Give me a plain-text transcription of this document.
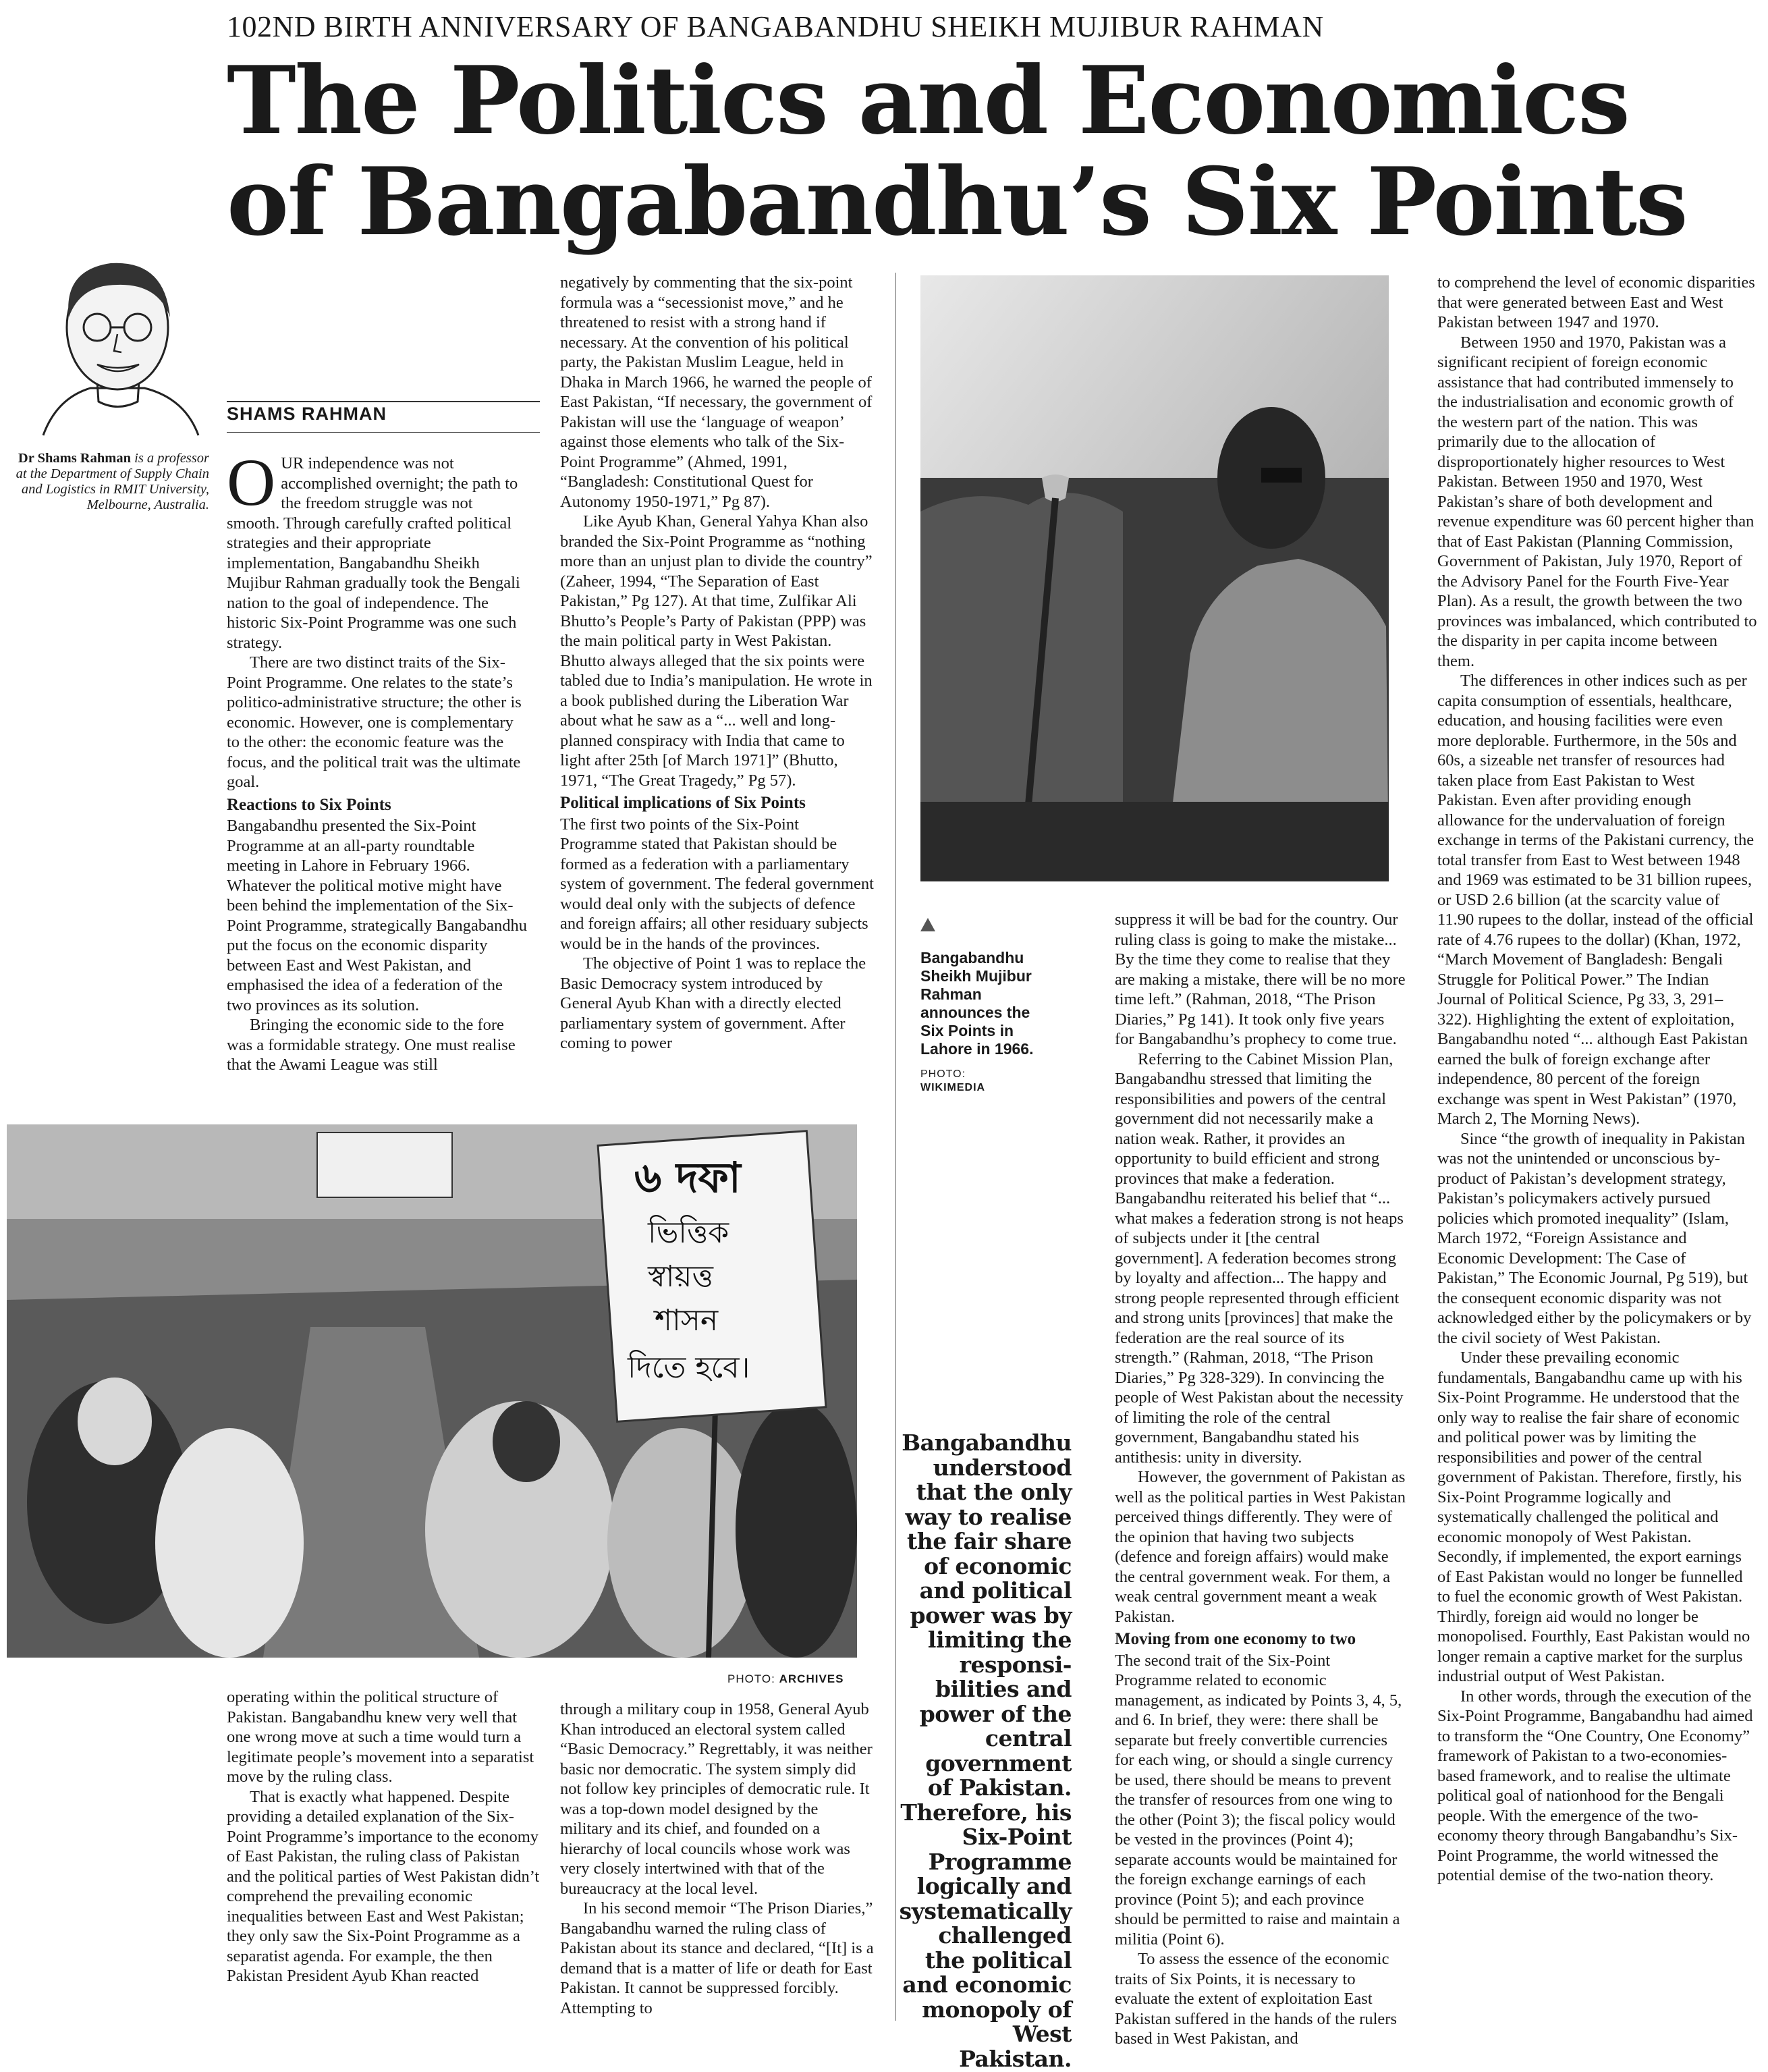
102ND BIRTH ANNIVERSARY OF BANGABANDHU SHEIKH MUJIBUR RAHMAN
The Politics and Economics of Bangabandhu’s Six Points
SHAMS RAHMAN
Dr Shams Rahman is a professor at the Department of Supply Chain and Logistics in RMIT University, Melbourne, Australia. O UR independence was not accomplished overnight; the path to the freedom struggle was not smooth. Through carefully crafted political strategies and their appropriate implementation, Bangabandhu Sheikh Mujibur Rahman gradually took the Bengali nation to the goal of independence. The historic Six-Point Programme was one such strategy.

There are two distinct traits of the Six-Point Programme. One relates to the state’s politico-administrative structure; the other is economic. However, one is complementary to the other: the economic feature was the focus, and the political trait was the ultimate goal.

Reactions to Six Points

Bangabandhu presented the Six-Point Programme at an all-party roundtable meeting in Lahore in February 1966. Whatever the political motive might have been behind the implementation of the Six-Point Programme, strategically Bangabandhu put the focus on the economic disparity between East and West Pakistan, and emphasised the idea of a federation of the two provinces as its solution.

Bringing the economic side to the fore was a formidable strategy. One must realise that the Awami League was still

negatively by commenting that the six-point formula was a “secessionist move,” and he threatened to resist with a strong hand if necessary. At the convention of his political party, the Pakistan Muslim League, held in Dhaka in March 1966, he warned the people of East Pakistan, “If necessary, the government of Pakistan will use the ‘language of weapon’ against those elements who talk of the Six-Point Programme” (Ahmed, 1991, “Bangladesh: Constitutional Quest for Autonomy 1950-1971,” Pg 87).

Like Ayub Khan, General Yahya Khan also branded the Six-Point Programme as “nothing more than an unjust plan to divide the country” (Zaheer, 1994, “The Separation of East Pakistan,” Pg 127). At that time, Zulfikar Ali Bhutto’s People’s Party of Pakistan (PPP) was the main political party in West Pakistan. Bhutto always alleged that the six points were tabled due to India’s manipulation. He wrote in a book published during the Liberation War about what he saw as a “... well and long-planned conspiracy with India that came to light after 25th [of March 1971]” (Bhutto, 1971, “The Great Tragedy,” Pg 57).

Political implications of Six Points

The first two points of the Six-Point Programme stated that Pakistan should be formed as a federation with a parliamentary system of government. The federal government would deal only with the subjects of defence and foreign affairs; all other residuary subjects would be in the hands of the provinces.

The objective of Point 1 was to replace the Basic Democracy system introduced by General Ayub Khan with a directly elected parliamentary system of government. After coming to power

Bangabandhu Sheikh Mujibur Rahman announces the Six Points in Lahore in 1966.
PHOTO:
WIKIMEDIA
৬ দফা
ভিত্তিক
স্বায়ত্ত
শাসন
দিতে হবে।
PHOTO: ARCHIVES

operating within the political structure of Pakistan. Bangabandhu knew very well that one wrong move at such a time would turn a legitimate people’s movement into a separatist move by the ruling class.

That is exactly what happened. Despite providing a detailed explanation of the Six-Point Programme’s importance to the economy of East Pakistan, the ruling class of Pakistan and the political parties of West Pakistan didn’t comprehend the prevailing economic inequalities between East and West Pakistan; they only saw the Six-Point Programme as a separatist agenda. For example, the then Pakistan President Ayub Khan reacted

through a military coup in 1958, General Ayub Khan introduced an electoral system called “Basic Democracy.” Regrettably, it was neither basic nor democratic. The system simply did not follow key principles of democratic rule. It was a top-down model designed by the military and its chief, and founded on a hierarchy of local councils whose work was very closely intertwined with that of the bureaucracy at the local level.

In his second memoir “The Prison Diaries,” Bangabandhu warned the ruling class of Pakistan about its stance and declared, “[It] is a demand that is a matter of life or death for East Pakistan. It cannot be suppressed forcibly. Attempting to

Bangabandhu understood that the only way to realise the fair share of economic and political power was by limiting the responsi-bilities and power of the central government of Pakistan. Therefore, his Six-Point Programme logically and systematically challenged the political and economic monopoly of West Pakistan.

suppress it will be bad for the country. Our ruling class is going to make the mistake... By the time they come to realise that they are making a mistake, there will be no more time left.” (Rahman, 2018, “The Prison Diaries,” Pg 141). It took only five years for Bangabandhu’s prophecy to come true.

Referring to the Cabinet Mission Plan, Bangabandhu stressed that limiting the responsibilities and powers of the central government did not necessarily make a nation weak. Rather, it provides an opportunity to build efficient and strong provinces that make a federation. Bangabandhu reiterated his belief that “... what makes a federation strong is not heaps of subjects under it [the central government]. A federation becomes strong by loyalty and affection... The happy and strong people represented through efficient and strong units [provinces] that make the federation are the real source of its strength.” (Rahman, 2018, “The Prison Diaries,” Pg 328-329). In convincing the people of West Pakistan about the necessity of limiting the role of the central government, Bangabandhu stated his antithesis: unity in diversity.

However, the government of Pakistan as well as the political parties in West Pakistan perceived things differently. They were of the opinion that having two subjects (defence and foreign affairs) would make the central government weak. For them, a weak central government meant a weak Pakistan.

Moving from one economy to two

The second trait of the Six-Point Programme related to economic management, as indicated by Points 3, 4, 5, and 6. In brief, they were: there shall be separate but freely convertible currencies for each wing, or should a single currency be used, there should be means to prevent the transfer of resources from one wing to the other (Point 3); the fiscal policy would be vested in the provinces (Point 4); separate accounts would be maintained for the foreign exchange earnings of each province (Point 5); and each province should be permitted to raise and maintain a militia (Point 6).

To assess the essence of the economic traits of Six Points, it is necessary to evaluate the extent of exploitation East Pakistan suffered in the hands of the rulers based in West Pakistan, and

to comprehend the level of economic disparities that were generated between East and West Pakistan between 1947 and 1970.

Between 1950 and 1970, Pakistan was a significant recipient of foreign economic assistance that had contributed immensely to the industrialisation and economic growth of the western part of the nation. This was primarily due to the allocation of disproportionately higher resources to West Pakistan. Between 1950 and 1970, West Pakistan’s share of both development and revenue expenditure was 60 percent higher than that of East Pakistan (Planning Commission, Government of Pakistan, July 1970, Report of the Advisory Panel for the Fourth Five-Year Plan). As a result, the growth between the two provinces was imbalanced, which contributed to the disparity in per capita income between them.

The differences in other indices such as per capita consumption of essentials, healthcare, education, and housing facilities were even more deplorable. Furthermore, in the 50s and 60s, a sizeable net transfer of resources had taken place from East Pakistan to West Pakistan. Even after providing enough allowance for the undervaluation of foreign exchange in terms of the Pakistani currency, the total transfer from East to West between 1948 and 1969 was estimated to be 31 billion rupees, or USD 2.6 billion (at the scarcity value of 11.90 rupees to the dollar, instead of the official rate of 4.76 rupees to the dollar) (Khan, 1972, “March Movement of Bangladesh: Bengali Struggle for Political Power.” The Indian Journal of Political Science, Pg 33, 3, 291–322). Highlighting the extent of exploitation, Bangabandhu noted “... although East Pakistan earned the bulk of foreign exchange after independence, 80 percent of the foreign exchange was spent in West Pakistan” (1970, March 2, The Morning News).

Since “the growth of inequality in Pakistan was not the unintended or unconscious by-product of Pakistan’s development strategy, Pakistan’s policymakers actively pursued policies which promoted inequality” (Islam, March 1972, “Foreign Assistance and Economic Development: The Case of Pakistan,” The Economic Journal, Pg 519), but the consequent economic disparity was not acknowledged either by the policymakers or by the civil society of West Pakistan.

Under these prevailing economic fundamentals, Bangabandhu came up with his Six-Point Programme. He understood that the only way to realise the fair share of economic and political power was by limiting the responsibilities and power of the central government of Pakistan. Therefore, firstly, his Six-Point Programme logically and systematically challenged the political and economic monopoly of West Pakistan. Secondly, if implemented, the export earnings of East Pakistan would no longer be funnelled to fuel the economic growth of West Pakistan. Thirdly, foreign aid would no longer be monopolised. Fourthly, East Pakistan would no longer remain a captive market for the surplus industrial output of West Pakistan.

In other words, through the execution of the Six-Point Programme, Bangabandhu had aimed to transform the “One Country, One Economy” framework of Pakistan to a two-economies-based framework, and to realise the ultimate political goal of nationhood for the Bengali people. With the emergence of the two-economy theory through Bangabandhu’s Six-Point Programme, the world witnessed the potential demise of the two-nation theory.
